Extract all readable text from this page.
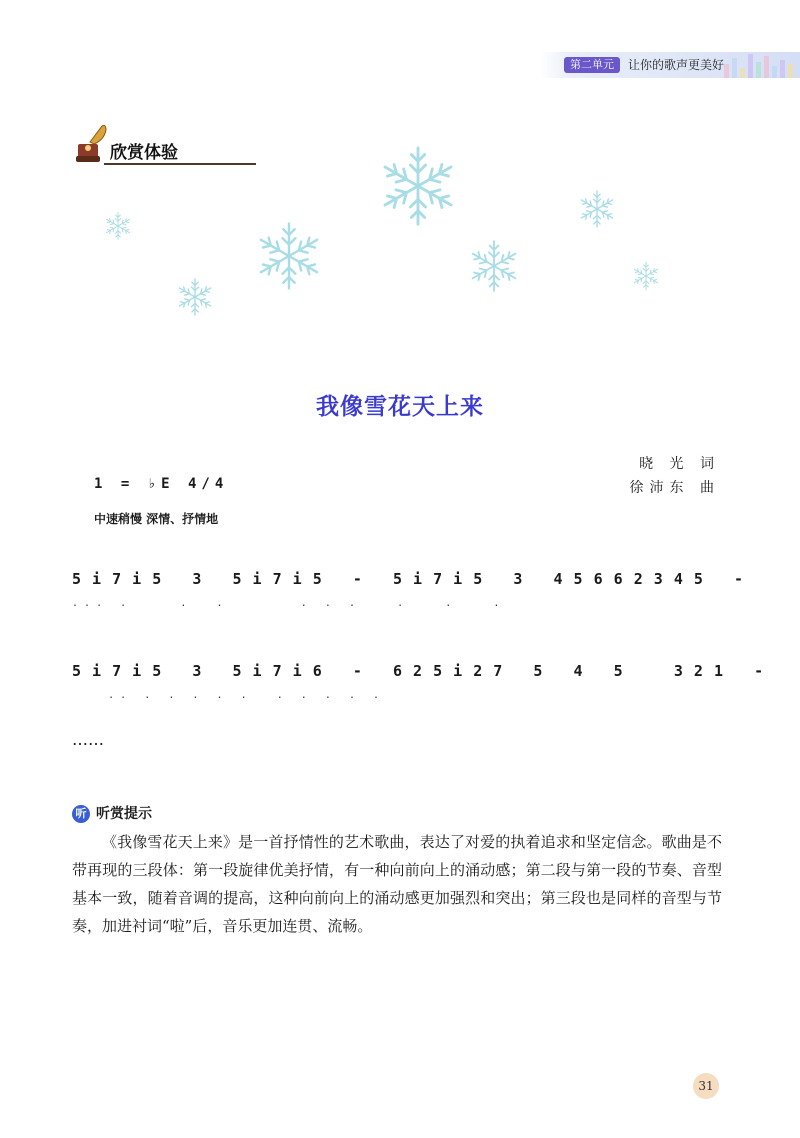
第二单元	让你的歌声更美好
欣赏体验
我像雪花天上来
晓 光 词
徐沛东 曲
1 = ♭E 4/4
中速稍慢 深情、抒情地
5 i 7 i 5   3   5 i 7 i 5   -   5 i 7 i 5   3   4 5 6 6 2 3 4 5   -
. . .   .         .     .             .   .   .       .       .       .
5 i 7 i 5   3   5 i 7 i 6   -   6 2 5 i 2 7   5   4   5     3 2 1   -
. .   .   .   .   .   .     .   .   .   .   .
……
听 听赏提示
《我像雪花天上来》是一首抒情性的艺术歌曲，表达了对爱的执着追求和坚定信念。歌曲是不带再现的三段体：第一段旋律优美抒情，有一种向前向上的涌动感；第二段与第一段的节奏、音型基本一致，随着音调的提高，这种向前向上的涌动感更加强烈和突出；第三段也是同样的音型与节奏，加进衬词“啦”后，音乐更加连贯、流畅。
31
